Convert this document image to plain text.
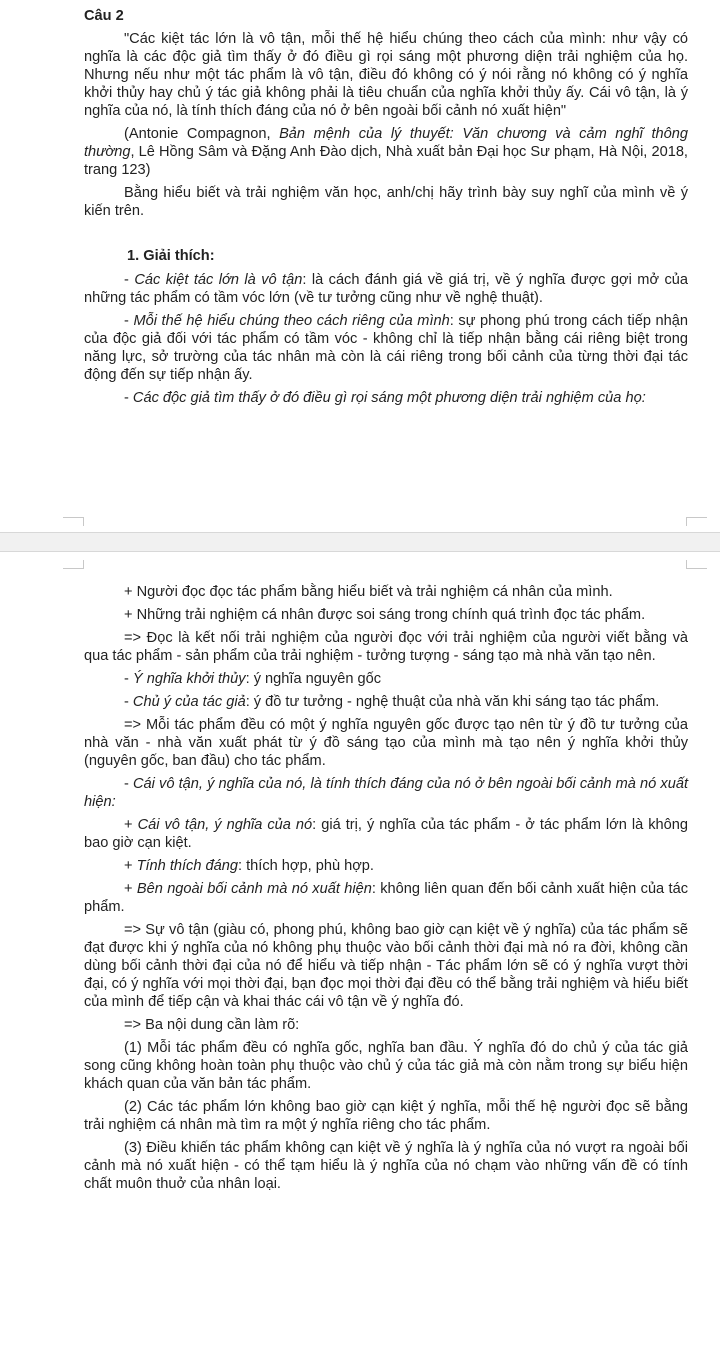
Câu 2

"Các kiệt tác lớn là vô tận, mỗi thế hệ hiểu chúng theo cách của mình: như vậy có nghĩa là các độc giả tìm thấy ở đó điều gì rọi sáng một phương diện trải nghiệm của họ. Nhưng nếu như một tác phẩm là vô tận, điều đó không có ý nói rằng nó không có ý nghĩa khởi thủy hay chủ ý tác giả không phải là tiêu chuẩn của nghĩa khởi thủy ấy. Cái vô tận, là ý nghĩa của nó, là tính thích đáng của nó ở bên ngoài bối cảnh nó xuất hiện"

(Antonie Compagnon, Bản mệnh của lý thuyết: Văn chương và cảm nghĩ thông thường, Lê Hồng Sâm và Đặng Anh Đào dịch, Nhà xuất bản Đại học Sư phạm, Hà Nội, 2018, trang 123)

Bằng hiểu biết và trải nghiệm văn học, anh/chị hãy trình bày suy nghĩ của mình về ý kiến trên.

1. Giải thích:

- Các kiệt tác lớn là vô tận: là cách đánh giá về giá trị, về ý nghĩa được gợi mở của những tác phẩm có tầm vóc lớn (về tư tưởng cũng như về nghệ thuật).

- Mỗi thế hệ hiểu chúng theo cách riêng của mình: sự phong phú trong cách tiếp nhận của độc giả đối với tác phẩm có tầm vóc - không chỉ là tiếp nhận bằng cái riêng biệt trong năng lực, sở trường của tác nhân mà còn là cái riêng trong bối cảnh của từng thời đại tác động đến sự tiếp nhận ấy.

- Các độc giả tìm thấy ở đó điều gì rọi sáng một phương diện trải nghiệm của họ:

+ Người đọc đọc tác phẩm bằng hiểu biết và trải nghiệm cá nhân của mình.

+ Những trải nghiệm cá nhân được soi sáng trong chính quá trình đọc tác phẩm.

=> Đọc là kết nối trải nghiệm của người đọc với trải nghiệm của người viết bằng và qua tác phẩm - sản phẩm của trải nghiệm - tưởng tượng - sáng tạo mà nhà văn tạo nên.

- Ý nghĩa khởi thủy: ý nghĩa nguyên gốc

- Chủ ý của tác giả: ý đồ tư tưởng - nghệ thuật của nhà văn khi sáng tạo tác phẩm.

=> Mỗi tác phẩm đều có một ý nghĩa nguyên gốc được tạo nên từ ý đồ tư tưởng của nhà văn - nhà văn xuất phát từ ý đồ sáng tạo của mình mà tạo nên ý nghĩa khởi thủy (nguyên gốc, ban đầu) cho tác phẩm.

- Cái vô tận, ý nghĩa của nó, là tính thích đáng của nó ở bên ngoài bối cảnh mà nó xuất hiện:

+ Cái vô tận, ý nghĩa của nó: giá trị, ý nghĩa của tác phẩm - ở tác phẩm lớn là không bao giờ cạn kiệt.

+ Tính thích đáng: thích hợp, phù hợp.

+ Bên ngoài bối cảnh mà nó xuất hiện: không liên quan đến bối cảnh xuất hiện của tác phẩm.

=> Sự vô tận (giàu có, phong phú, không bao giờ cạn kiệt về ý nghĩa) của tác phẩm sẽ đạt được khi ý nghĩa của nó không phụ thuộc vào bối cảnh thời đại mà nó ra đời, không cần dùng bối cảnh thời đại của nó để hiểu và tiếp nhận - Tác phẩm lớn sẽ có ý nghĩa vượt thời đại, có ý nghĩa với mọi thời đại, bạn đọc mọi thời đại đều có thể bằng trải nghiệm và hiểu biết của mình để tiếp cận và khai thác cái vô tận về ý nghĩa đó.

=> Ba nội dung cần làm rõ:

(1) Mỗi tác phẩm đều có nghĩa gốc, nghĩa ban đầu. Ý nghĩa đó do chủ ý của tác giả song cũng không hoàn toàn phụ thuộc vào chủ ý của tác giả mà còn nằm trong sự biểu hiện khách quan của văn bản tác phẩm.

(2) Các tác phẩm lớn không bao giờ cạn kiệt ý nghĩa, mỗi thế hệ người đọc sẽ bằng trải nghiệm cá nhân mà tìm ra một ý nghĩa riêng cho tác phẩm.

(3) Điều khiến tác phẩm không cạn kiệt về ý nghĩa là ý nghĩa của nó vượt ra ngoài bối cảnh mà nó xuất hiện - có thể tạm hiểu là ý nghĩa của nó chạm vào những vấn đề có tính chất muôn thuở của nhân loại.
